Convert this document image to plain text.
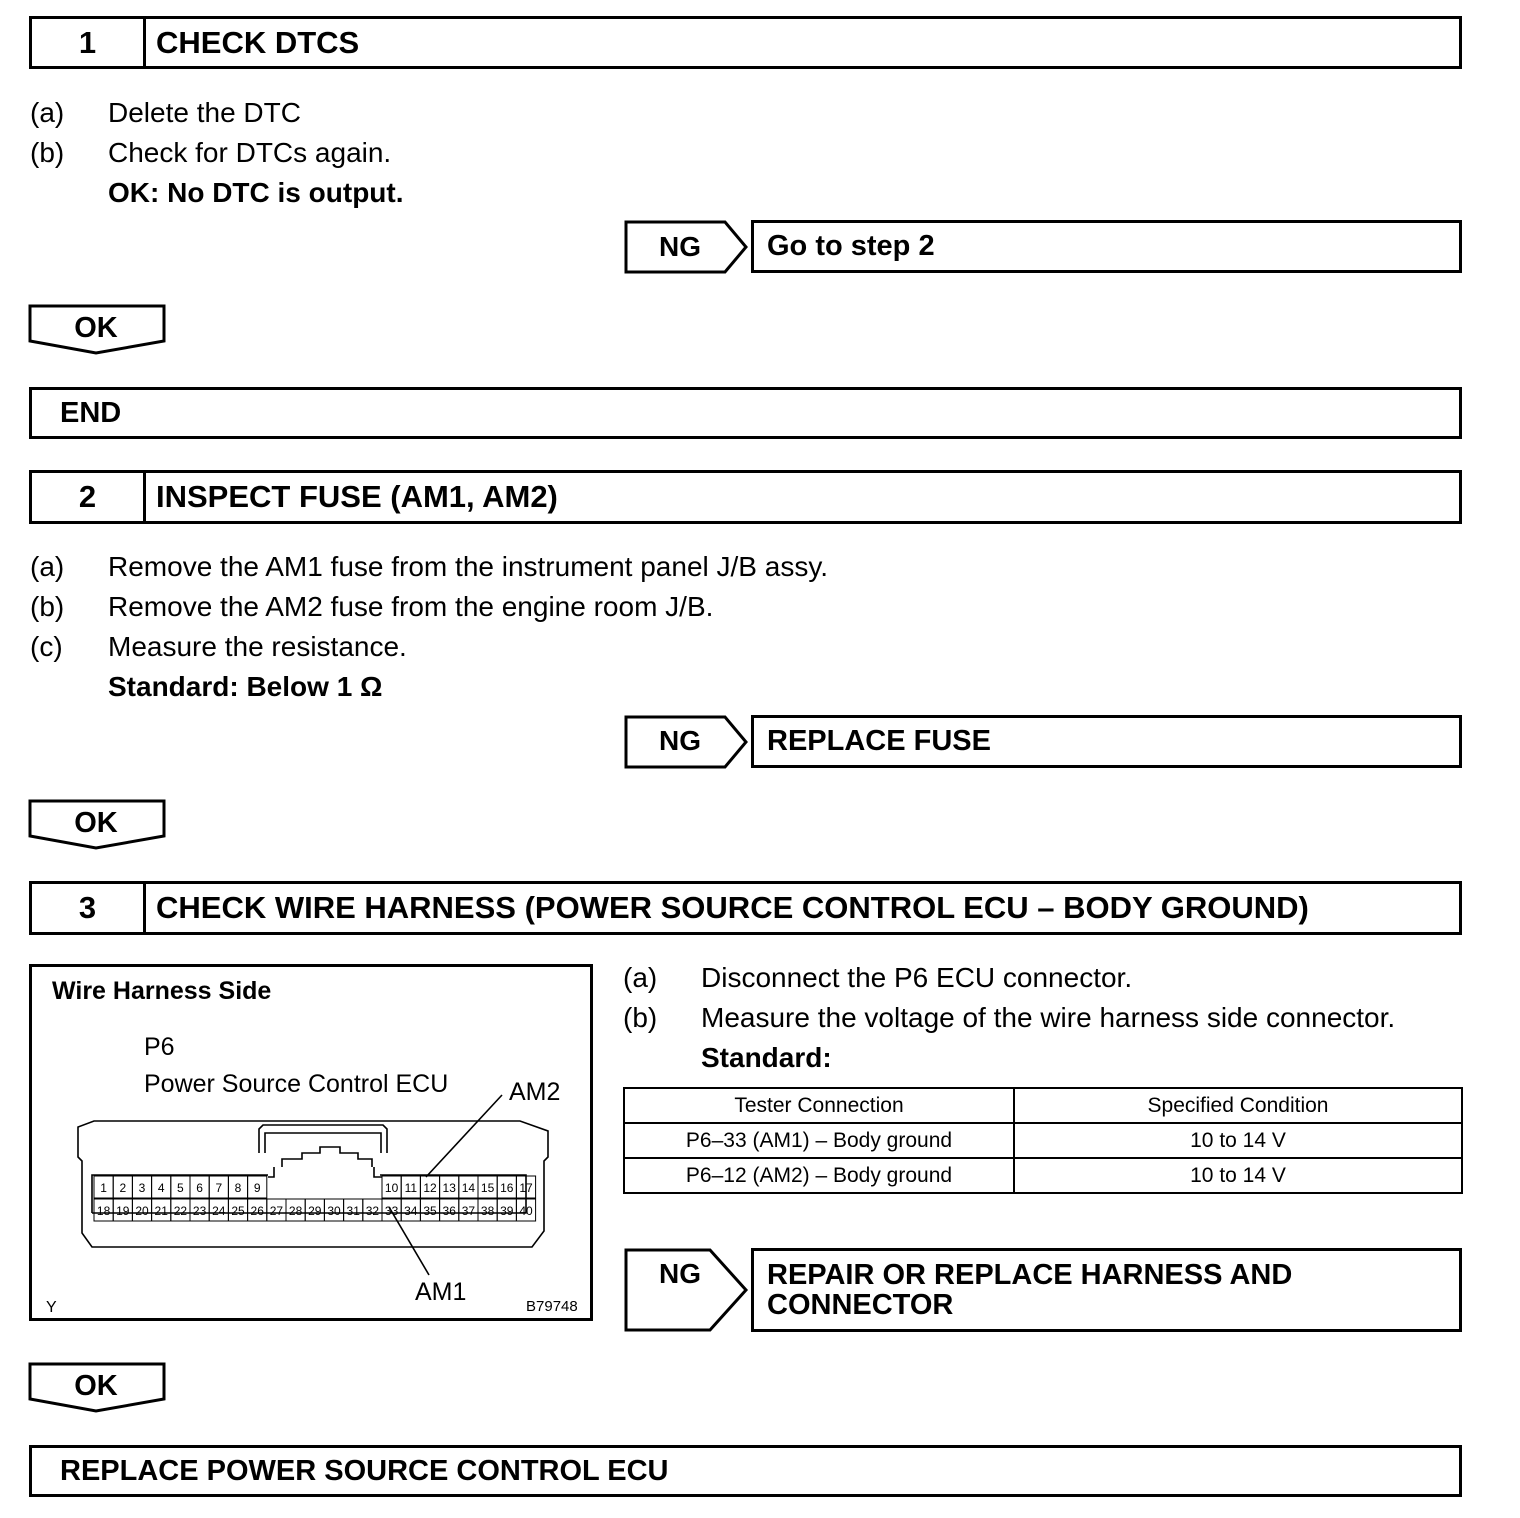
1	CHECK DTCS
(a) Delete the DTC
(b) Check for DTCs again.
OK: No DTC is output.
NG	Go to step 2
OK
END
2	INSPECT FUSE (AM1, AM2)
(a) Remove the AM1 fuse from the instrument panel J/B assy.
(b) Remove the AM2 fuse from the engine room J/B.
(c) Measure the resistance.
Standard: Below 1 Ω
NG	REPLACE FUSE
OK
3	CHECK WIRE HARNESS (POWER SOURCE CONTROL ECU – BODY GROUND)
Wire Harness Side
P6
Power Source Control ECU AM2
AM1
Y	B79748
1 2 3 4 5 6 7 8 9	10 11 12 13 14 15 16 17
18 19 20 21 22 23 24 25 26 27 28 29 30 31 32 33 34 35 36 37 38 39 40
(a) Disconnect the P6 ECU connector.
(b) Measure the voltage of the wire harness side connector.
Standard:
Tester Connection	Specified Condition
P6–33 (AM1) – Body ground	10 to 14 V
P6–12 (AM2) – Body ground	10 to 14 V
NG	REPAIR OR REPLACE HARNESS AND
CONNECTOR
OK
REPLACE POWER SOURCE CONTROL ECU
